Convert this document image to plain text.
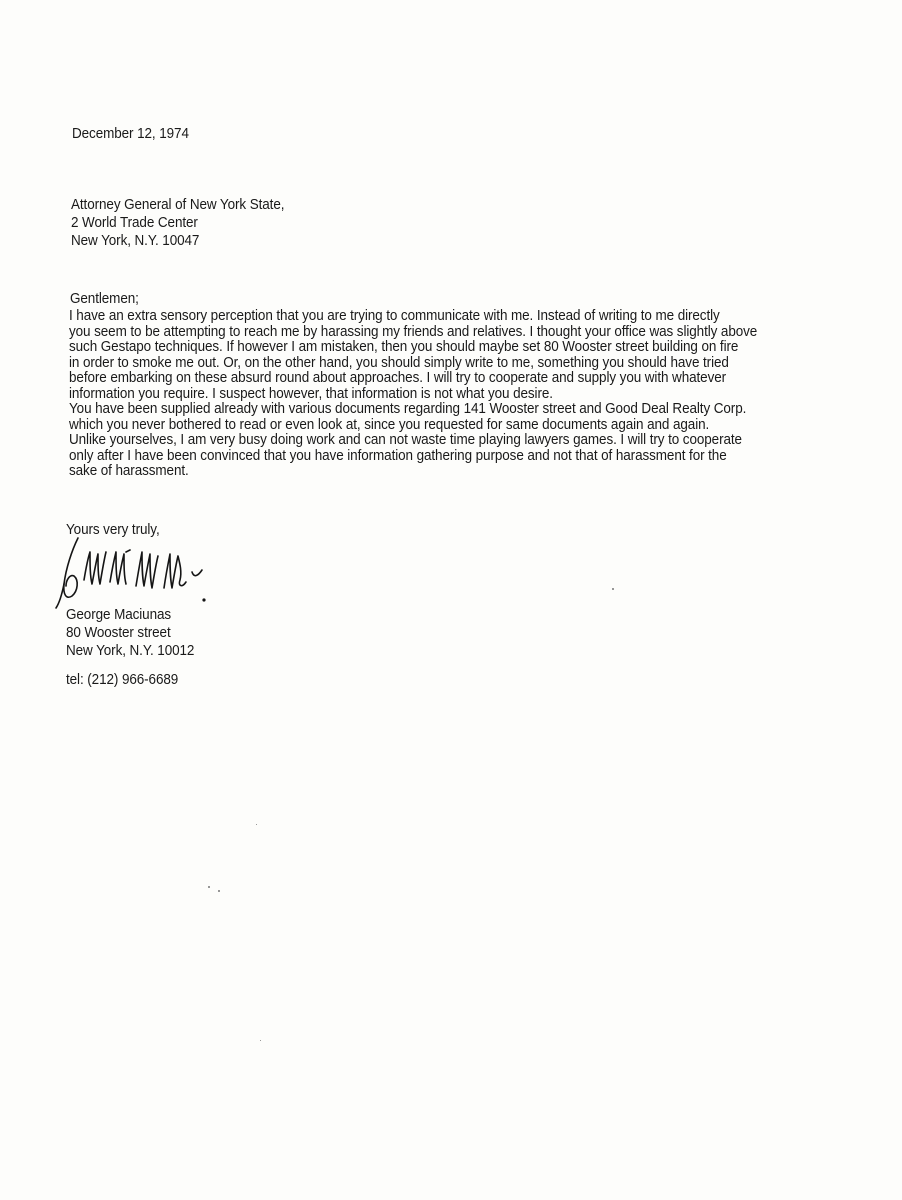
December 12, 1974
Attorney General of New York State,
2 World Trade Center
New York, N.Y. 10047
Gentlemen;
I have an extra sensory perception that you are trying to communicate with me. Instead of writing to me directly
you seem to be attempting to reach me by harassing my friends and relatives. I thought your office was slightly above
such Gestapo techniques. If however I am mistaken, then you should maybe set 80 Wooster street building on fire
in order to smoke me out. Or, on the other hand, you should simply write to me, something you should have tried
before embarking on these absurd round about approaches. I will try to cooperate and supply you with whatever
information you require. I suspect however, that information is not what you desire.
You have been supplied already with various documents regarding 141 Wooster street and Good Deal Realty Corp.
which you never bothered to read or even look at, since you requested for same documents again and again.
Unlike yourselves, I am very busy doing work and can not waste time playing lawyers games. I will try to cooperate
only after I have been convinced that you have information gathering purpose and not that of harassment for the
sake of harassment.
Yours very truly,
George Maciunas
80 Wooster street
New York, N.Y. 10012
tel: (212) 966-6689
